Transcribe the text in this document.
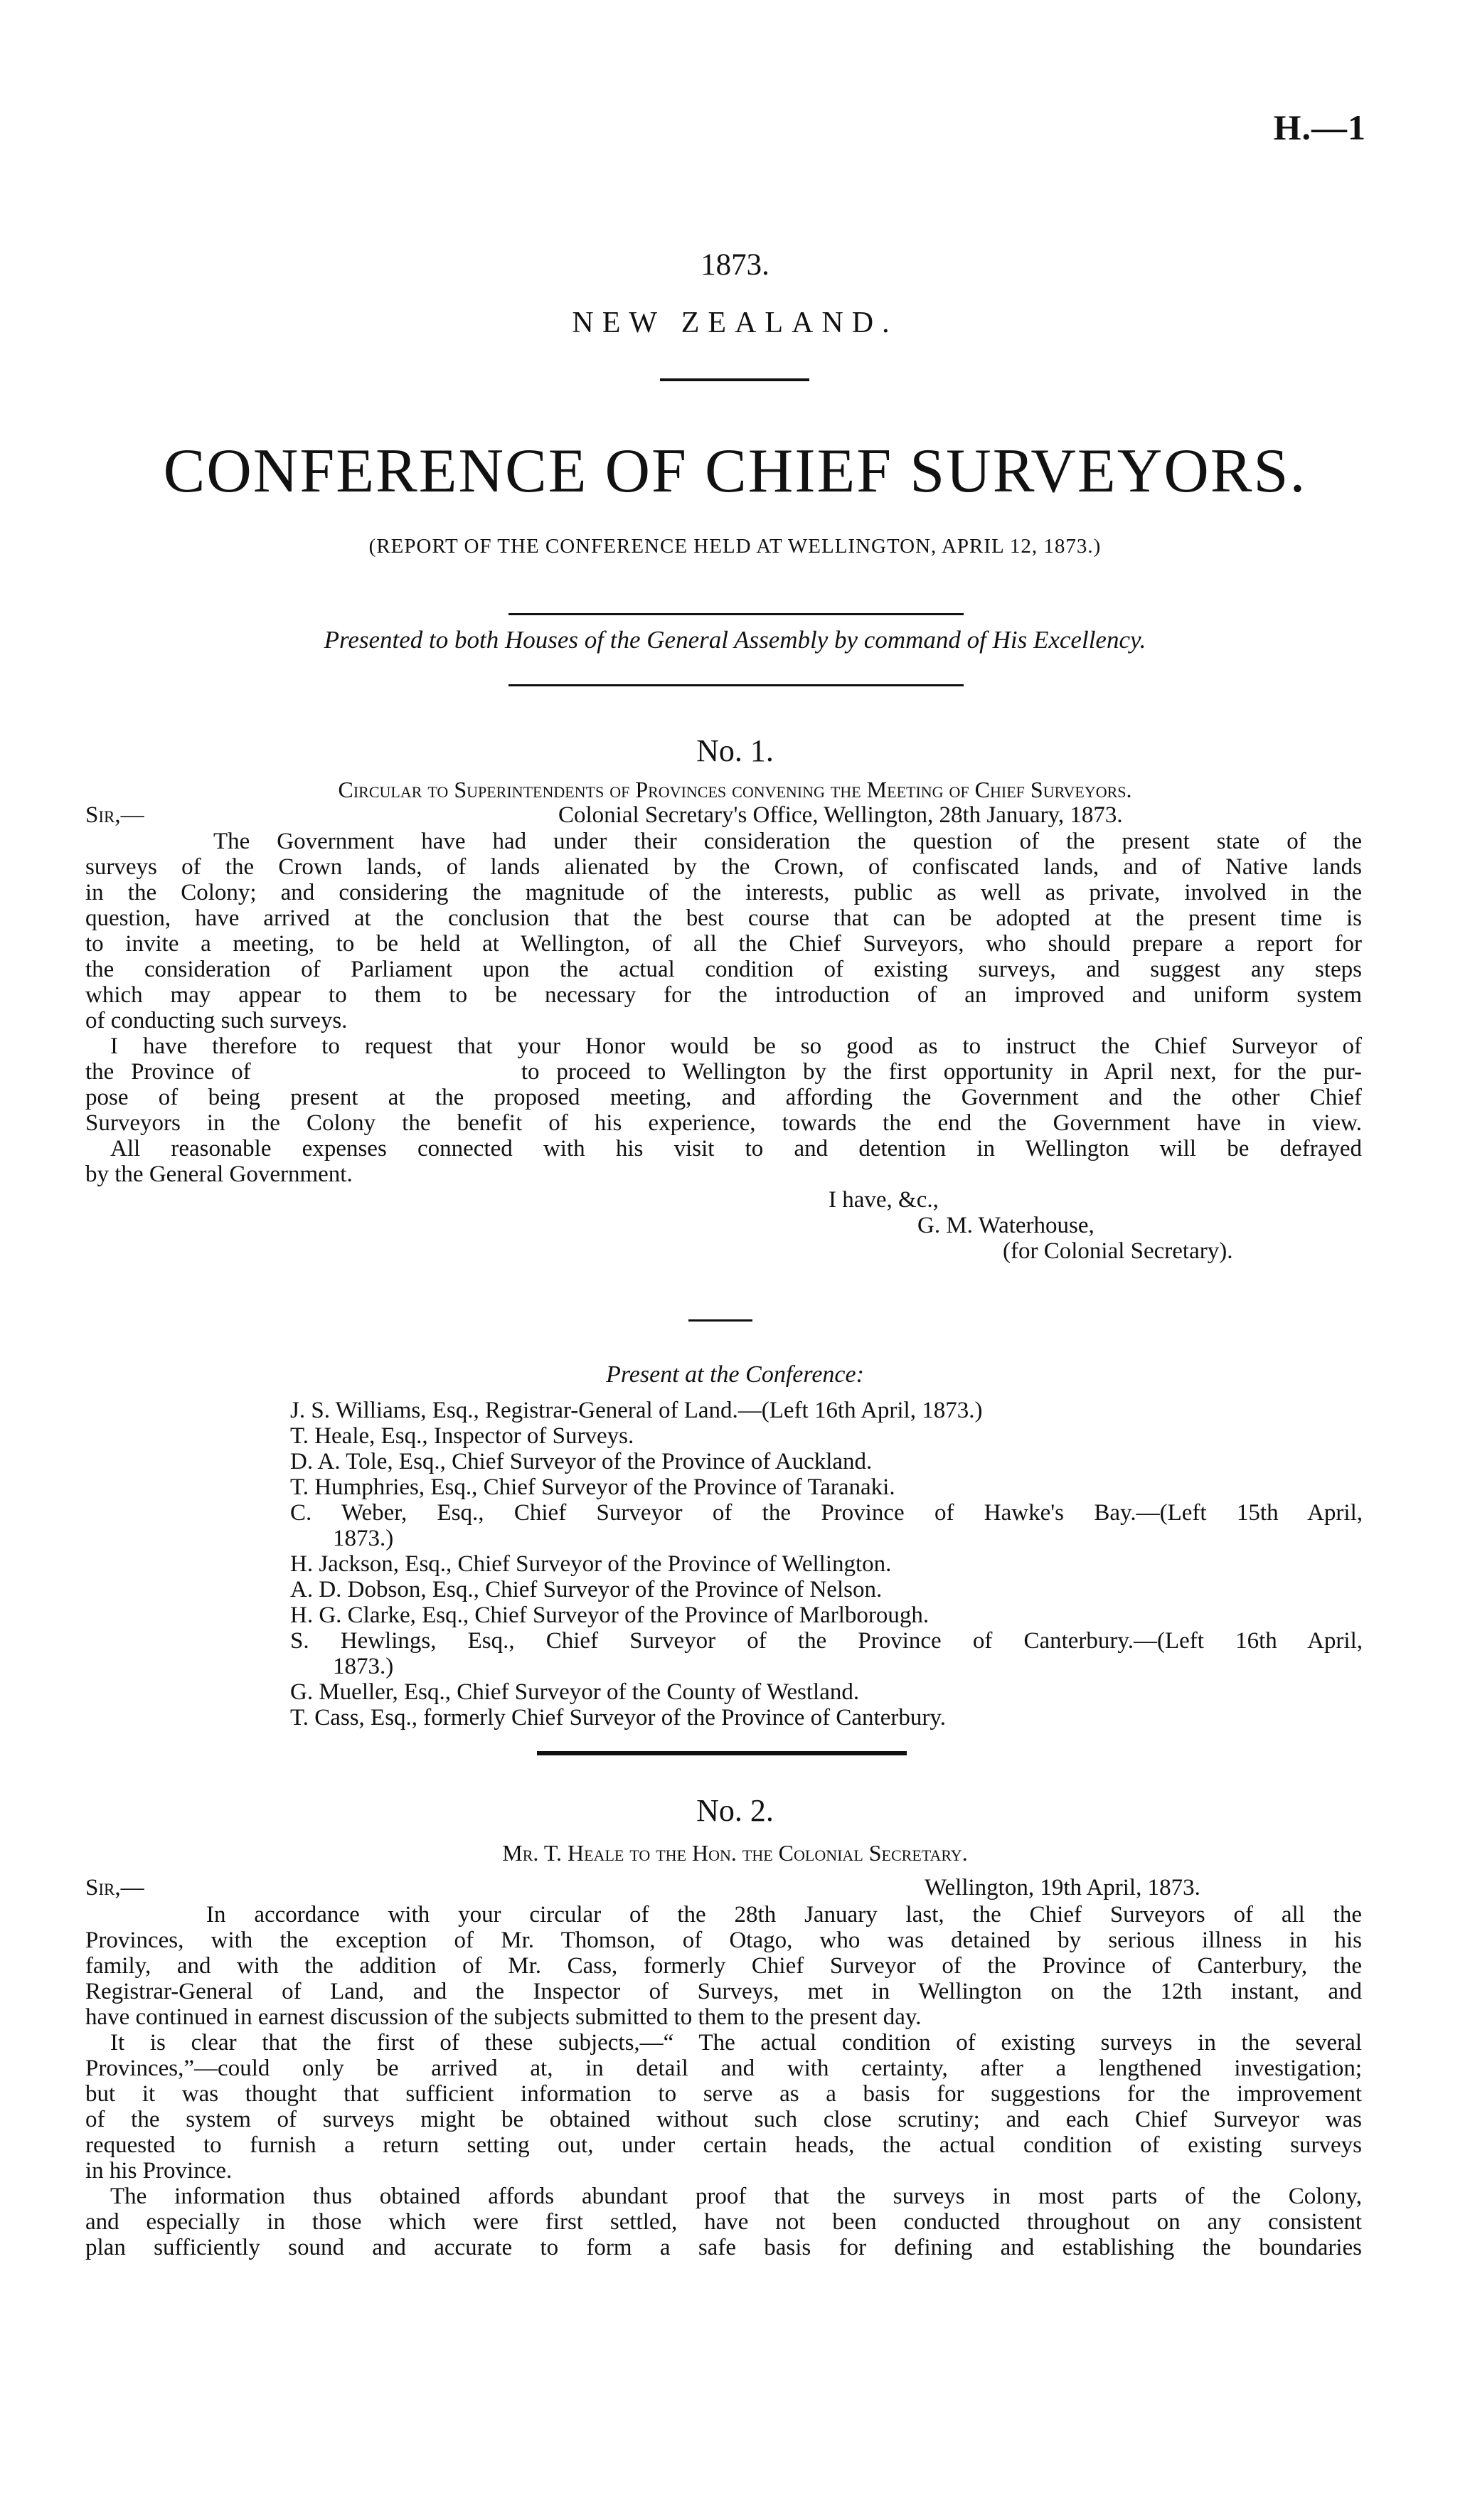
H.—1
1873.
NEW ZEALAND.
CONFERENCE OF CHIEF SURVEYORS.
(REPORT OF THE CONFERENCE HELD AT WELLINGTON, APRIL 12, 1873.)
Presented to both Houses of the General Assembly by command of His Excellency.
No. 1.
Circular to Superintendents of Provinces convening the Meeting of Chief Surveyors.
Sir,—	Colonial Secretary's Office, Wellington, 28th January, 1873.
The Government have had under their consideration the question of the present state of the
surveys of the Crown lands, of lands alienated by the Crown, of confiscated lands, and of Native lands
in the Colony; and considering the magnitude of the interests, public as well as private, involved in the
question, have arrived at the conclusion that the best course that can be adopted at the present time is
to invite a meeting, to be held at Wellington, of all the Chief Surveyors, who should prepare a report for
the consideration of Parliament upon the actual condition of existing surveys, and suggest any steps
which may appear to them to be necessary for the introduction of an improved and uniform system
of conducting such surveys.
I have therefore to request that your Honor would be so good as to instruct the Chief Surveyor of
the Province of                to proceed to Wellington by the first opportunity in April next, for the pur-
pose of being present at the proposed meeting, and affording the Government and the other Chief
Surveyors in the Colony the benefit of his experience, towards the end the Government have in view.
All reasonable expenses connected with his visit to and detention in Wellington will be defrayed
by the General Government.
I have, &c.,
G. M. Waterhouse,
(for Colonial Secretary).
Present at the Conference:
J. S. Williams, Esq., Registrar-General of Land.—(Left 16th April, 1873.)
T. Heale, Esq., Inspector of Surveys.
D. A. Tole, Esq., Chief Surveyor of the Province of Auckland.
T. Humphries, Esq., Chief Surveyor of the Province of Taranaki.
C. Weber, Esq., Chief Surveyor of the Province of Hawke's Bay.—(Left 15th April,
1873.)
H. Jackson, Esq., Chief Surveyor of the Province of Wellington.
A. D. Dobson, Esq., Chief Surveyor of the Province of Nelson.
H. G. Clarke, Esq., Chief Surveyor of the Province of Marlborough.
S. Hewlings, Esq., Chief Surveyor of the Province of Canterbury.—(Left 16th April,
1873.)
G. Mueller, Esq., Chief Surveyor of the County of Westland.
T. Cass, Esq., formerly Chief Surveyor of the Province of Canterbury.
No. 2.
Mr. T. Heale to the Hon. the Colonial Secretary.
Sir,—	Wellington, 19th April, 1873.
In accordance with your circular of the 28th January last, the Chief Surveyors of all the
Provinces, with the exception of Mr. Thomson, of Otago, who was detained by serious illness in his
family, and with the addition of Mr. Cass, formerly Chief Surveyor of the Province of Canterbury, the
Registrar-General of Land, and the Inspector of Surveys, met in Wellington on the 12th instant, and
have continued in earnest discussion of the subjects submitted to them to the present day.
It is clear that the first of these subjects,—“ The actual condition of existing surveys in the several
Provinces,”—could only be arrived at, in detail and with certainty, after a lengthened investigation;
but it was thought that sufficient information to serve as a basis for suggestions for the improvement
of the system of surveys might be obtained without such close scrutiny; and each Chief Surveyor was
requested to furnish a return setting out, under certain heads, the actual condition of existing surveys
in his Province.
The information thus obtained affords abundant proof that the surveys in most parts of the Colony,
and especially in those which were first settled, have not been conducted throughout on any consistent
plan sufficiently sound and accurate to form a safe basis for defining and establishing the boundaries
